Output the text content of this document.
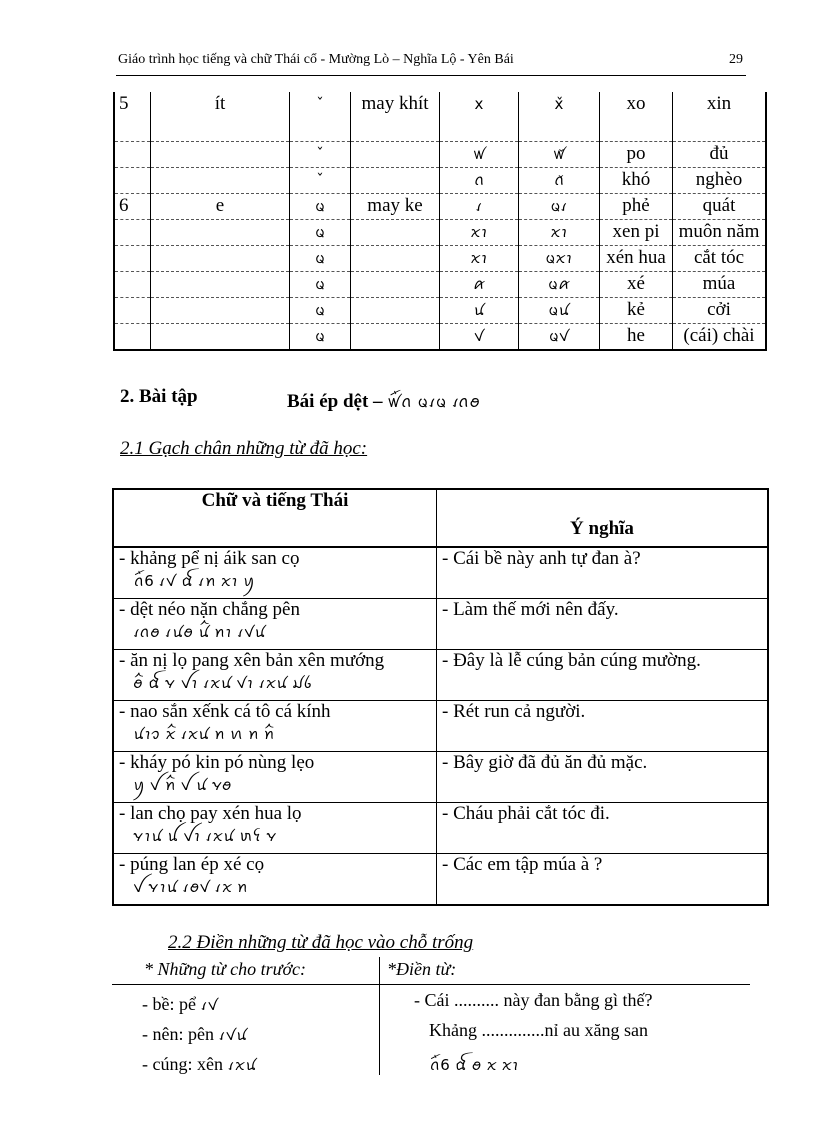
Giáo trình học tiếng và chữ Thái cổ - Mường Lò – Nghĩa Lộ - Yên Bái	29
5	ít	ˇ	may khít	ⅹ	ⅹ̌	xo	xin
		ˇ		ꪝ	ꪝ̌	po	đủ
		ˇ		ꪒ	ꪒ̌	khó	nghèo
6	e	ᨾ	may ke	ꪹ	ᨾꪹ	phẻ	quát
		ᨾ		ꪎꪱ	ꪎꪱ	xen pi	muôn năm
		ᨾ		ꪎꪱ	ᨾꪎꪱ	xén hua	cắt tóc
		ᨾ		ꪁ	ᨾꪁ	xé	múa
		ᨾ		ꪙ	ᨾꪙ	kẻ	cởi
		ᨾ		ꪚ	ᨾꪚ	he	(cái) chài
2. Bài tập	Bái ép dệt – ꪝꪸꪒ ᨾꪹᨾ ꪹꪒꪮ
2.1 Gạch chân những từ đã học:
Chữ và tiếng Thái	Ý nghĩa
- khảng pể nị áik san cọ
ꪒꪸ6 ꪹꪚ ꪞ ꪹꪀ ꪎꪱ ꪗ	- Cái bề này anh tự đan à?
- dệt néo nặn chắng pên
ꪹꪒꪮ ꪹꪙꪮ ꪙꪲ ꪀꪱ ꪹꪚꪙ	- Làm thế mới nên đấy.
- ăn nị lọ pang xên bản xên mướng
ꪮꪲ ꪞ ꪩ ꪜꪱ ꪹꪎꪙ ꪚꪱ ꪹꪎꪙ ꪣꪉ	- Đây là lễ cúng bản cúng mường.
- nao sắn xếnk cá tô cá kính
ꪙꪱꪫ ꪎꪲ ꪹꪎꪙ ꪀ ꪕ ꪀ ꪀꪲ	- Rét run cả người.
- kháy pó kin pó nùng lẹo
ꪗ ꪜ ꪀꪲ ꪜ ꪙ ꪩꪮ	- Bây giờ đã đủ ăn đủ mặc.
- lan chọ pay xén hua lọ
ꪩꪱꪙ ꪊ ꪜꪱ ꪹꪎꪙ ꪬꪺ ꪩ	- Cháu phải cắt tóc đi.
- púng lan ép xé cọ
ꪜ ꪩꪱꪙ ꪹꪮꪚ ꪹꪎ ꪀ	- Các em tập múa à ?
2.2 Điền những từ đã học vào chỗ trống
* Những từ cho trước:	*Điền từ:
- bề: pể ꪹꪚ
- nên: pên ꪹꪚꪙ
- cúng: xên ꪹꪎꪙ
- Cái .......... này đan bằng gì thế?
Khảng ..............nỉ au xăng san
ꪒꪸ6 ꪞ ꪮ ꪎ ꪎꪱ
